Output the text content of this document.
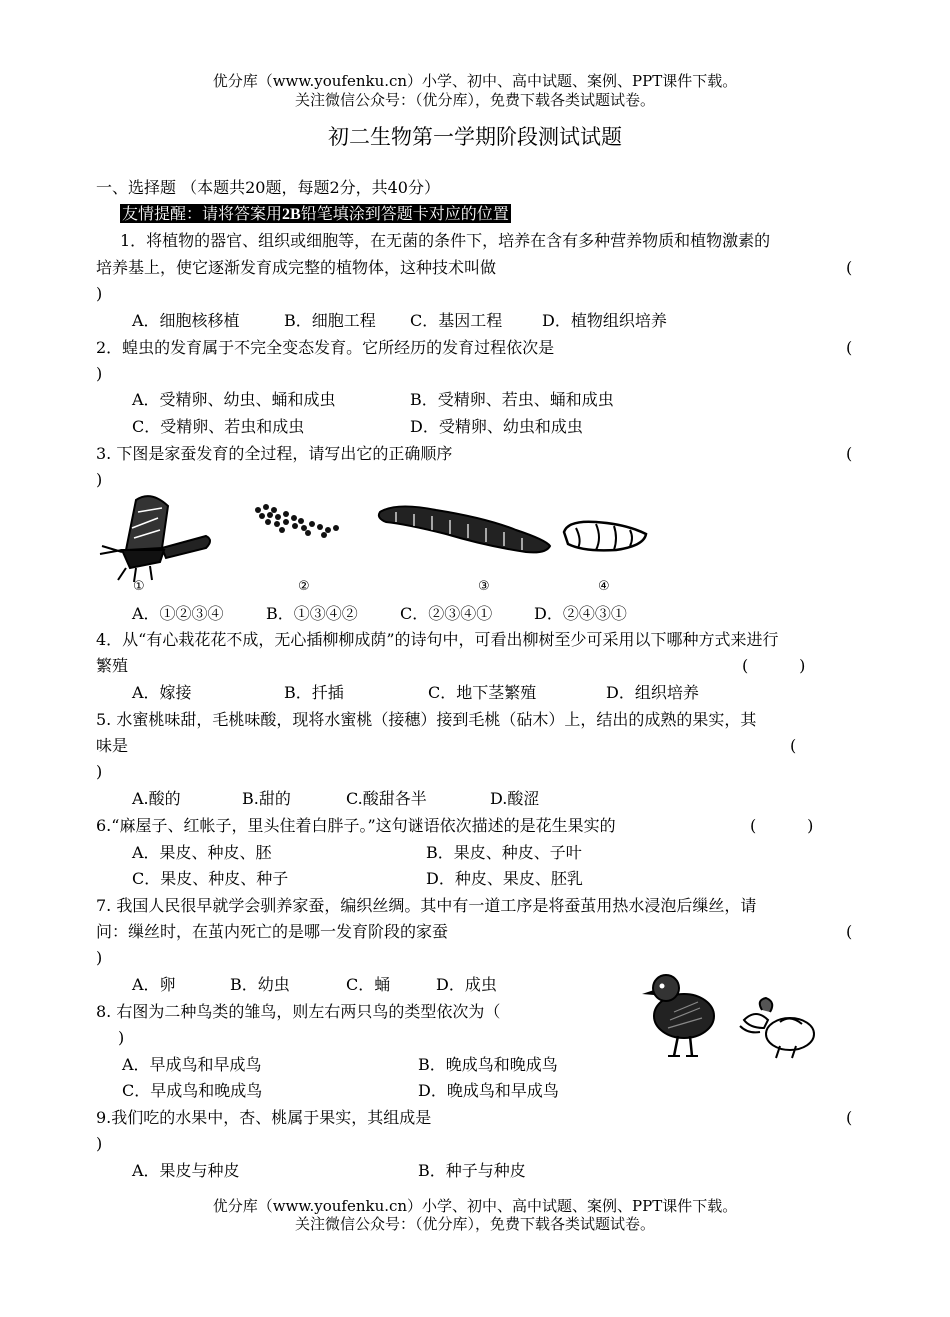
优分库（www.youfenku.cn）小学、初中、高中试题、案例、PPT课件下载。
关注微信公众号：（优分库），免费下载各类试题试卷。
初二生物第一学期阶段测试试题
一、选择题 （本题共20题，每题2分，共40分）
友情提醒：请将答案用2B铅笔填涂到答题卡对应的位置
1．将植物的器官、组织或细胞等，在无菌的条件下，培养在含有多种营养物质和植物激素的
培养基上，使它逐渐发育成完整的植物体，这种技术叫做	(
)
A．细胞核移植	B．细胞工程 C．基因工程 D．植物组织培养
2．蝗虫的发育属于不完全变态发育。它所经历的发育过程依次是	(
)
A．受精卵、幼虫、蛹和成虫	B．受精卵、若虫、蛹和成虫
C．受精卵、若虫和成虫	D．受精卵、幼虫和成虫
3. 下图是家蚕发育的全过程，请写出它的正确顺序	(
)
①	②	③	④
A．①②③④	B．①③④②	C．②③④①	D．②④③①
4．从“有心栽花花不成，无心插柳柳成荫”的诗句中，可看出柳树至少可采用以下哪种方式来进行
繁殖	(          )
A．嫁接	B．扦插	C．地下茎繁殖	D．组织培养
5. 水蜜桃味甜，毛桃味酸，现将水蜜桃（接穗）接到毛桃（砧木）上，结出的成熟的果实，其
味是	(
)
A.酸的	B.甜的	C.酸甜各半	D.酸涩
6.“麻屋子、红帐子，里头住着白胖子。”这句谜语依次描述的是花生果实的	(          )
A．果皮、种皮、胚	B．果皮、种皮、子叶
C．果皮、种皮、种子	D．种皮、果皮、胚乳
7. 我国人民很早就学会驯养家蚕，编织丝绸。其中有一道工序是将蚕茧用热水浸泡后缫丝，请
问：缫丝时，在茧内死亡的是哪一发育阶段的家蚕	(
)
A．卵	B．幼虫	C．蛹	D．成虫
8. 右图为二种鸟类的雏鸟，则左右两只鸟的类型依次为（
)
A．早成鸟和早成鸟	B．晚成鸟和晚成鸟
C．早成鸟和晚成鸟	D．晚成鸟和早成鸟
9.我们吃的水果中，杏、桃属于果实，其组成是	(
)
A．果皮与种皮	B．种子与种皮
优分库（www.youfenku.cn）小学、初中、高中试题、案例、PPT课件下载。
关注微信公众号：（优分库），免费下载各类试题试卷。
